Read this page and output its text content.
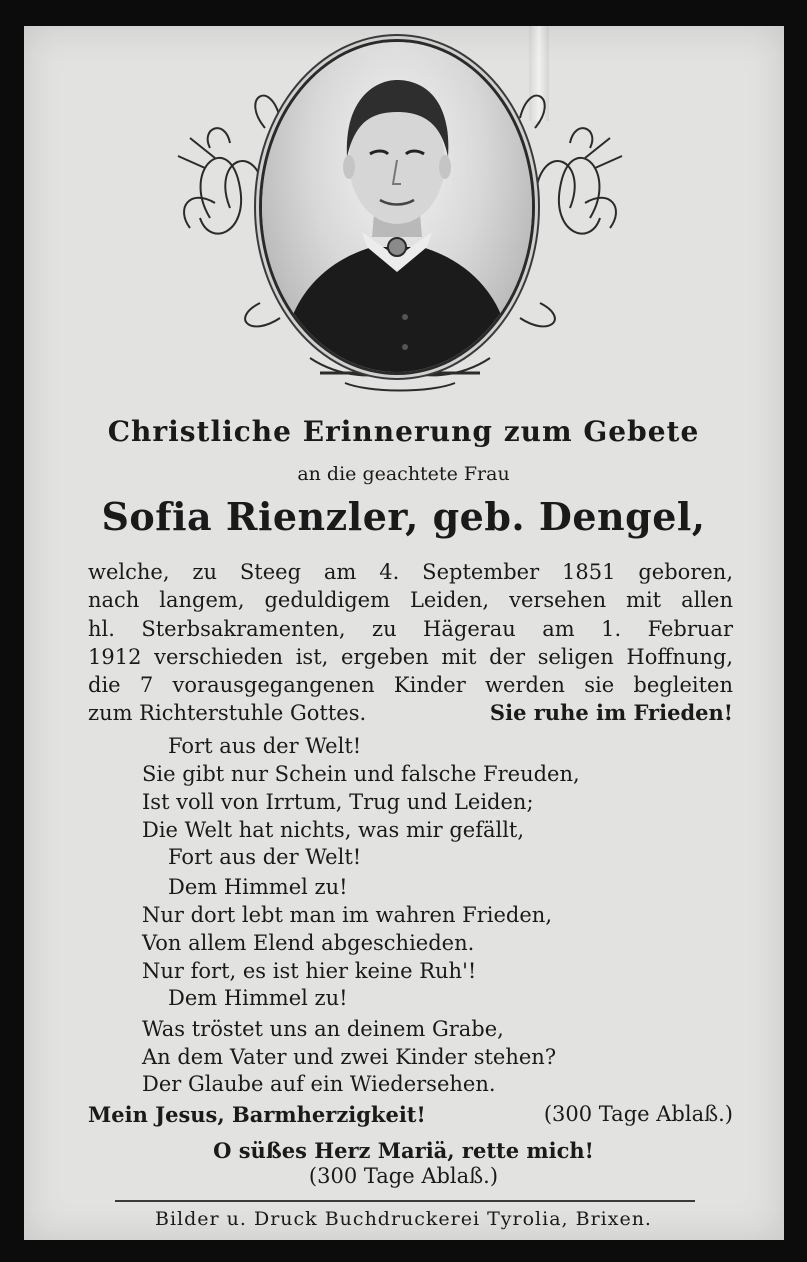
Christliche Erinnerung zum Gebete
an die geachtete Frau
Sofia Rienzler, geb. Dengel,
welche, zu Steeg am 4. September 1851 geboren,
nach langem, geduldigem Leiden, versehen mit allen
hl. Sterbsakramenten, zu Hägerau am 1. Februar
1912 verschieden ist, ergeben mit der seligen Hoffnung,
die 7 vorausgegangenen Kinder werden sie begleiten
zum Richterstuhle Gottes.	Sie ruhe im Frieden!
Fort aus der Welt!
Sie gibt nur Schein und falsche Freuden,
Ist voll von Irrtum, Trug und Leiden;
Die Welt hat nichts, was mir gefällt,
Fort aus der Welt!
Dem Himmel zu!
Nur dort lebt man im wahren Frieden,
Von allem Elend abgeschieden.
Nur fort, es ist hier keine Ruh'!
Dem Himmel zu!
Was tröstet uns an deinem Grabe,
An dem Vater und zwei Kinder stehen?
Der Glaube auf ein Wiedersehen.
Mein Jesus, Barmherzigkeit!	(300 Tage Ablaß.)
O süßes Herz Mariä, rette mich!
(300 Tage Ablaß.)
Bilder u. Druck Buchdruckerei Tyrolia, Brixen.
